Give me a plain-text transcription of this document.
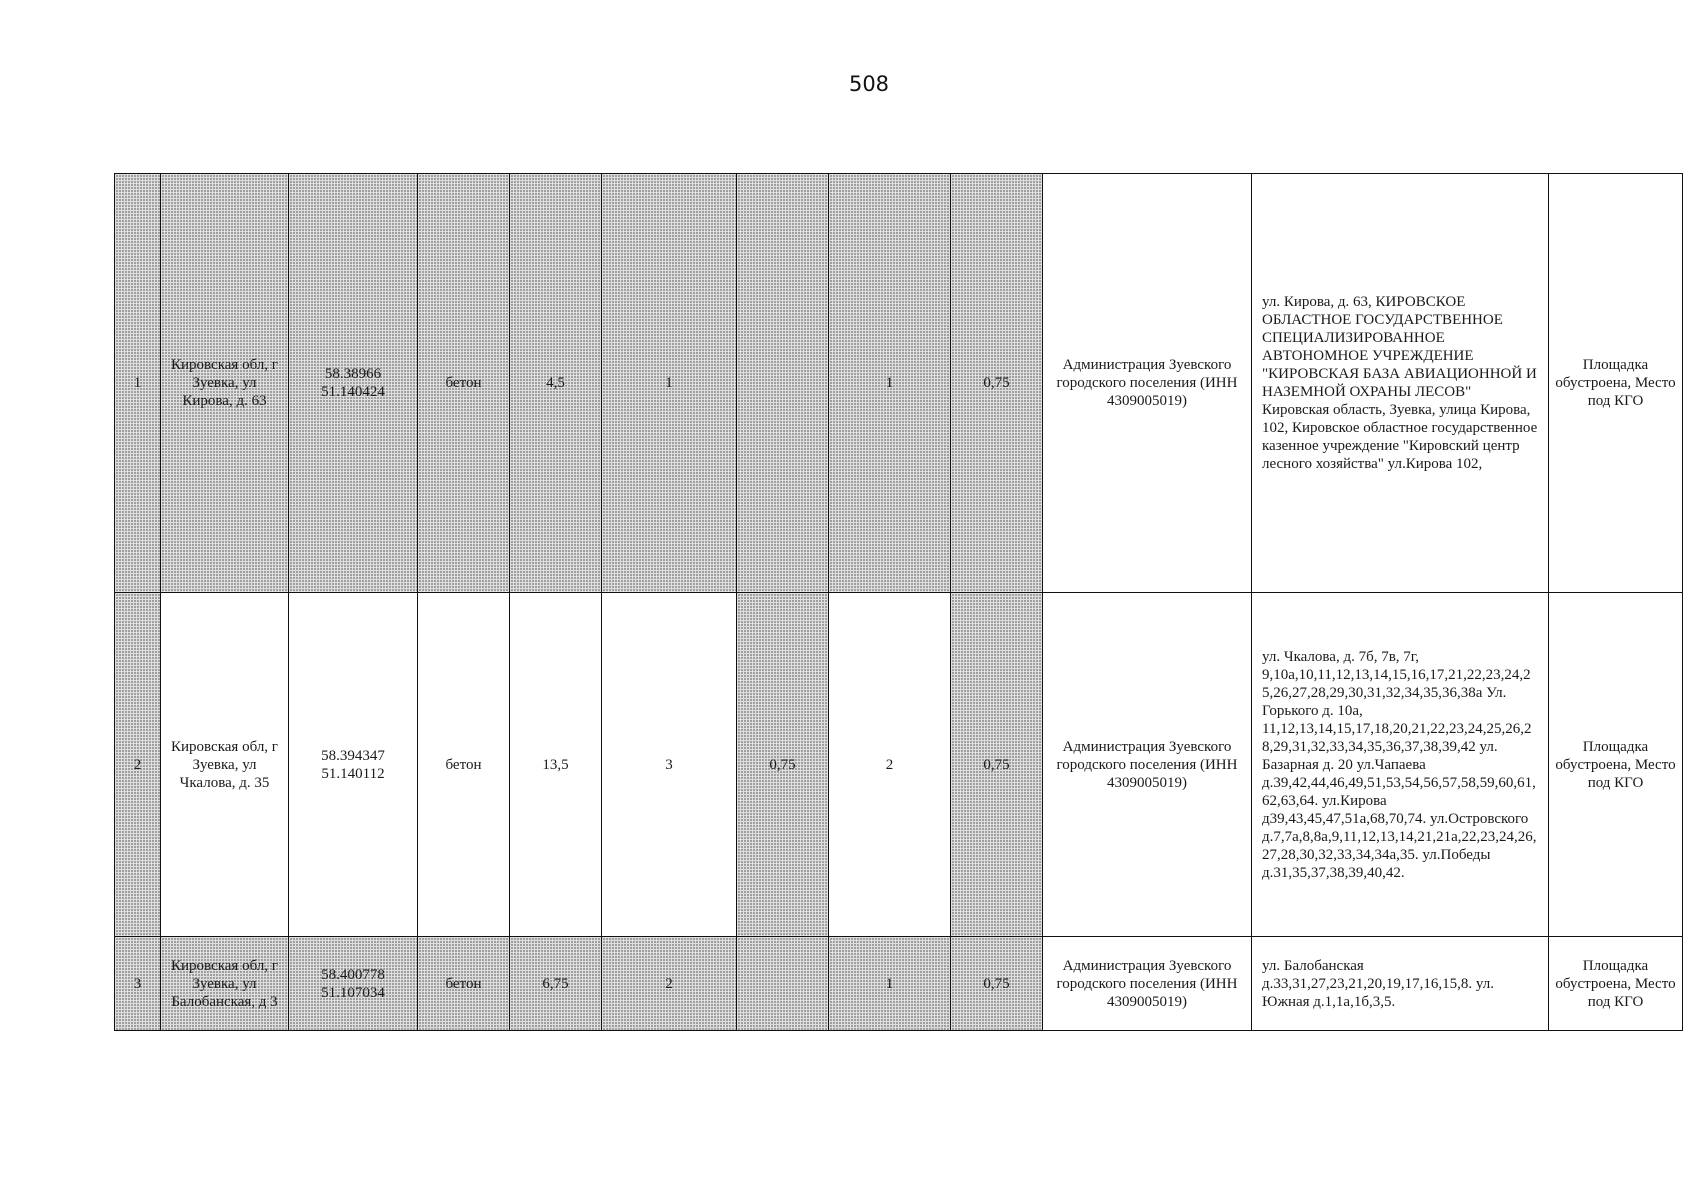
508
1	Кировская обл, г Зуевка, ул Кирова, д. 63	58.38966 51.140424	бетон	4,5	1		1	0,75	Администрация Зуевского городского поселения (ИНН 4309005019)	ул. Кирова, д. 63, КИРОВСКОЕ ОБЛАСТНОЕ ГОСУДАРСТВЕННОЕ СПЕЦИАЛИЗИРОВАННОЕ АВТОНОМНОЕ УЧРЕЖДЕНИЕ "КИРОВСКАЯ БАЗА АВИАЦИОННОЙ И НАЗЕМНОЙ ОХРАНЫ ЛЕСОВ" Кировская область, Зуевка, улица Кирова, 102, Кировское областное государственное казенное учреждение "Кировский центр лесного хозяйства" ул.Кирова 102,	Площадка обустроена, Место под КГО
2	Кировская обл, г Зуевка, ул Чкалова, д. 35	58.394347 51.140112	бетон	13,5	3	0,75	2	0,75	Администрация Зуевского городского поселения (ИНН 4309005019)	ул. Чкалова, д. 7б, 7в, 7г, 9,10а,10,11,12,13,14,15,16,17,21,22,23,24,25,26,27,28,29,30,31,32,34,35,36,38а Ул. Горького д. 10а, 11,12,13,14,15,17,18,20,21,22,23,24,25,26,28,29,31,32,33,34,35,36,37,38,39,42 ул. Базарная д. 20 ул.Чапаева д.39,42,44,46,49,51,53,54,56,57,58,59,60,61,62,63,64. ул.Кирова д39,43,45,47,51а,68,70,74. ул.Островского д.7,7а,8,8а,9,11,12,13,14,21,21а,22,23,24,26,27,28,30,32,33,34,34а,35. ул.Победы д.31,35,37,38,39,40,42.	Площадка обустроена, Место под КГО
3	Кировская обл, г Зуевка, ул Балобанская, д 3	58.400778 51.107034	бетон	6,75	2		1	0,75	Администрация Зуевского городского поселения (ИНН 4309005019)	ул. Балобанская д.33,31,27,23,21,20,19,17,16,15,8. ул. Южная д.1,1а,1б,3,5.	Площадка обустроена, Место под КГО
